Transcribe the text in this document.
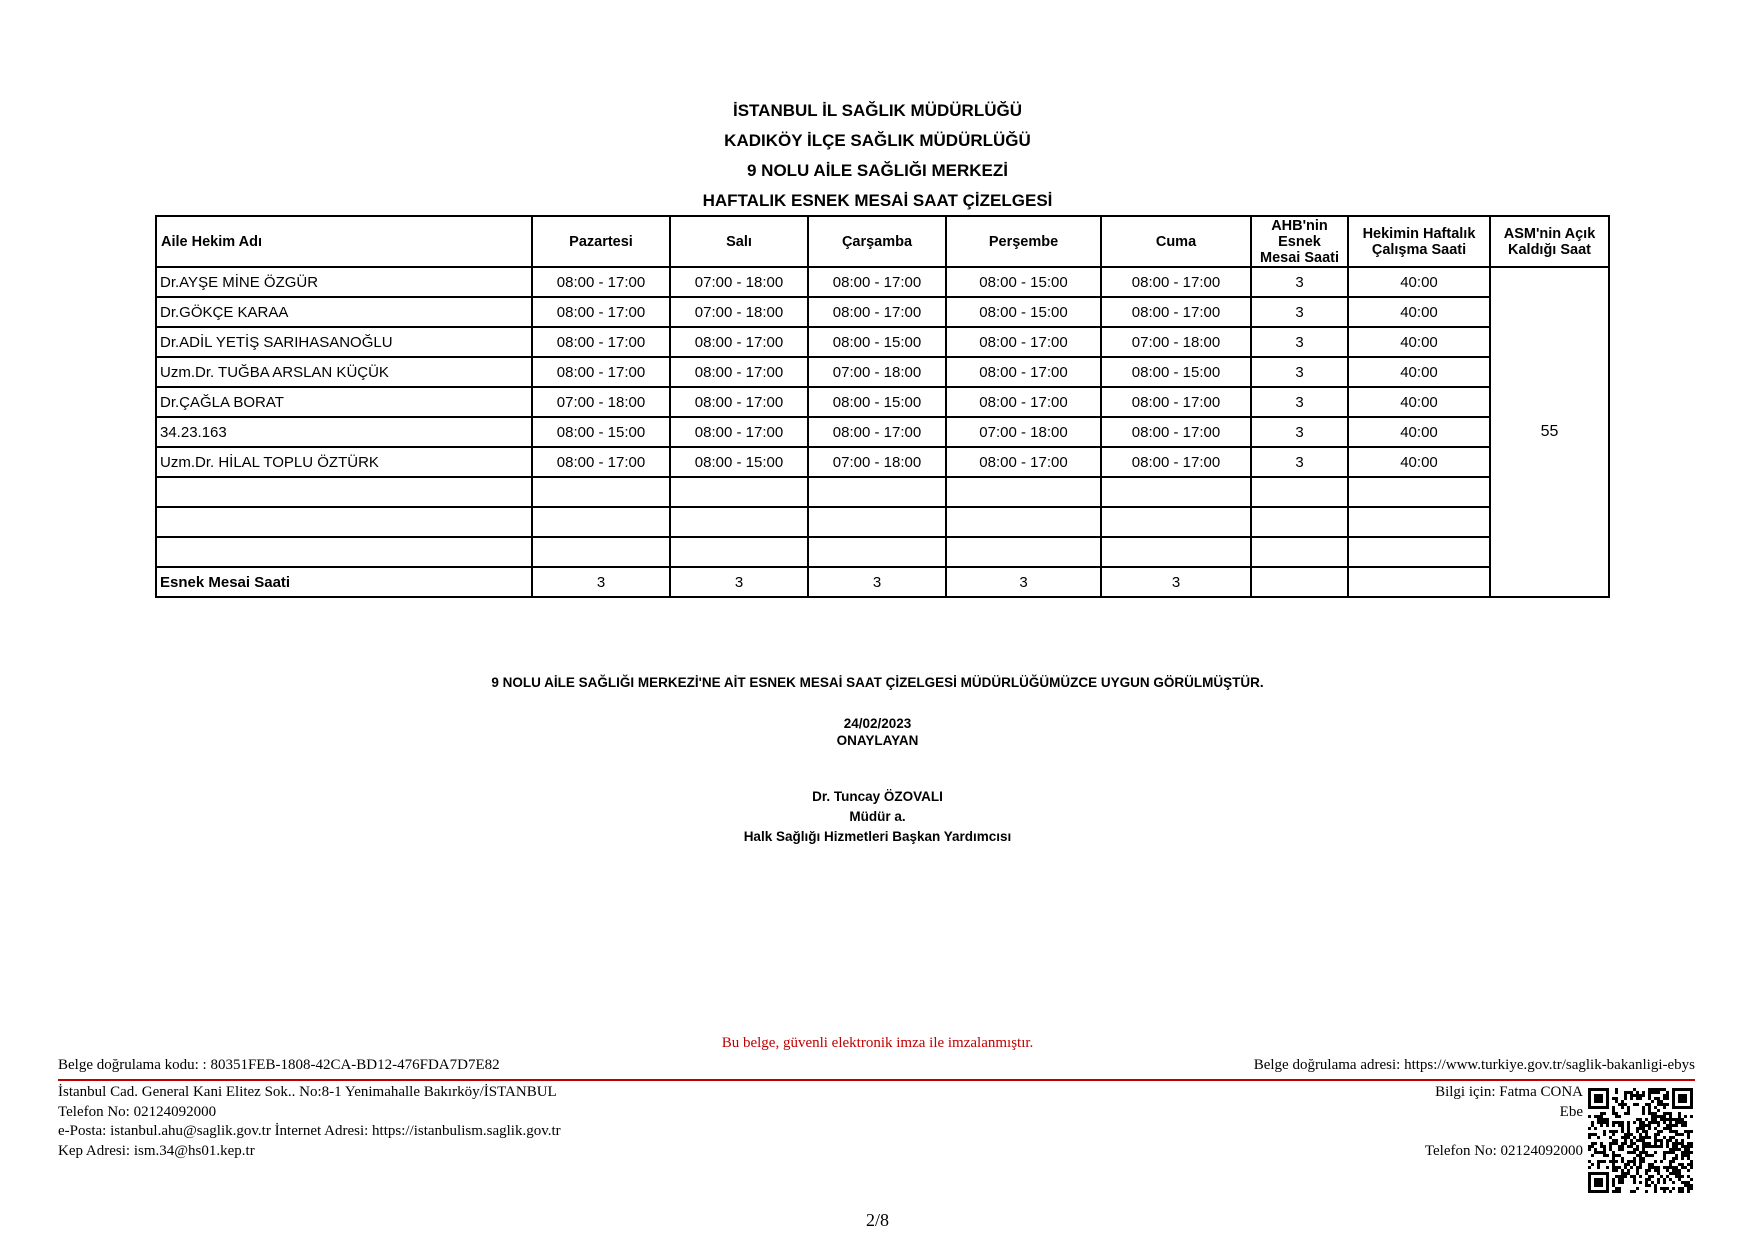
İSTANBUL İL SAĞLIK MÜDÜRLÜĞÜ
KADIKÖY İLÇE SAĞLIK MÜDÜRLÜĞÜ
9 NOLU AİLE SAĞLIĞI MERKEZİ
HAFTALIK ESNEK MESAİ SAAT ÇİZELGESİ
Aile Hekim Adı	Pazartesi	Salı	Çarşamba	Perşembe	Cuma	AHB'nin
Esnek
Mesai Saati	Hekimin Haftalık
Çalışma Saati	ASM'nin Açık
Kaldığı Saat
Dr.AYŞE MİNE ÖZGÜR	08:00 - 17:00	07:00 - 18:00	08:00 - 17:00	08:00 - 15:00	08:00 - 17:00	3	40:00	55
Dr.GÖKÇE KARAA	08:00 - 17:00	07:00 - 18:00	08:00 - 17:00	08:00 - 15:00	08:00 - 17:00	3	40:00	
Dr.ADİL YETİŞ SARIHASANOĞLU	08:00 - 17:00	08:00 - 17:00	08:00 - 15:00	08:00 - 17:00	07:00 - 18:00	3	40:00	
Uzm.Dr. TUĞBA ARSLAN KÜÇÜK	08:00 - 17:00	08:00 - 17:00	07:00 - 18:00	08:00 - 17:00	08:00 - 15:00	3	40:00	
Dr.ÇAĞLA BORAT	07:00 - 18:00	08:00 - 17:00	08:00 - 15:00	08:00 - 17:00	08:00 - 17:00	3	40:00	
34.23.163	08:00 - 15:00	08:00 - 17:00	08:00 - 17:00	07:00 - 18:00	08:00 - 17:00	3	40:00	
Uzm.Dr. HİLAL TOPLU ÖZTÜRK	08:00 - 17:00	08:00 - 15:00	07:00 - 18:00	08:00 - 17:00	08:00 - 17:00	3	40:00	

Esnek Mesai Saati	3	3	3	3	3			
9 NOLU AİLE SAĞLIĞI MERKEZİ'NE AİT ESNEK MESAİ SAAT ÇİZELGESİ MÜDÜRLÜĞÜMÜZCE UYGUN GÖRÜLMÜŞTÜR.
24/02/2023
ONAYLAYAN
Dr. Tuncay ÖZOVALI
Müdür a.
Halk Sağlığı Hizmetleri Başkan Yardımcısı
Bu belge, güvenli elektronik imza ile imzalanmıştır.
Belge doğrulama kodu: : 80351FEB-1808-42CA-BD12-476FDA7D7E82	Belge doğrulama adresi: https://www.turkiye.gov.tr/saglik-bakanligi-ebys
İstanbul Cad. General Kani Elitez Sok.. No:8-1 Yenimahalle Bakırköy/İSTANBUL
Telefon No: 02124092000
e-Posta: istanbul.ahu@saglik.gov.tr İnternet Adresi: https://istanbulism.saglik.gov.tr
Kep Adresi: ism.34@hs01.kep.tr
Bilgi için: Fatma CONA
Ebe

Telefon No: 02124092000
2/8
